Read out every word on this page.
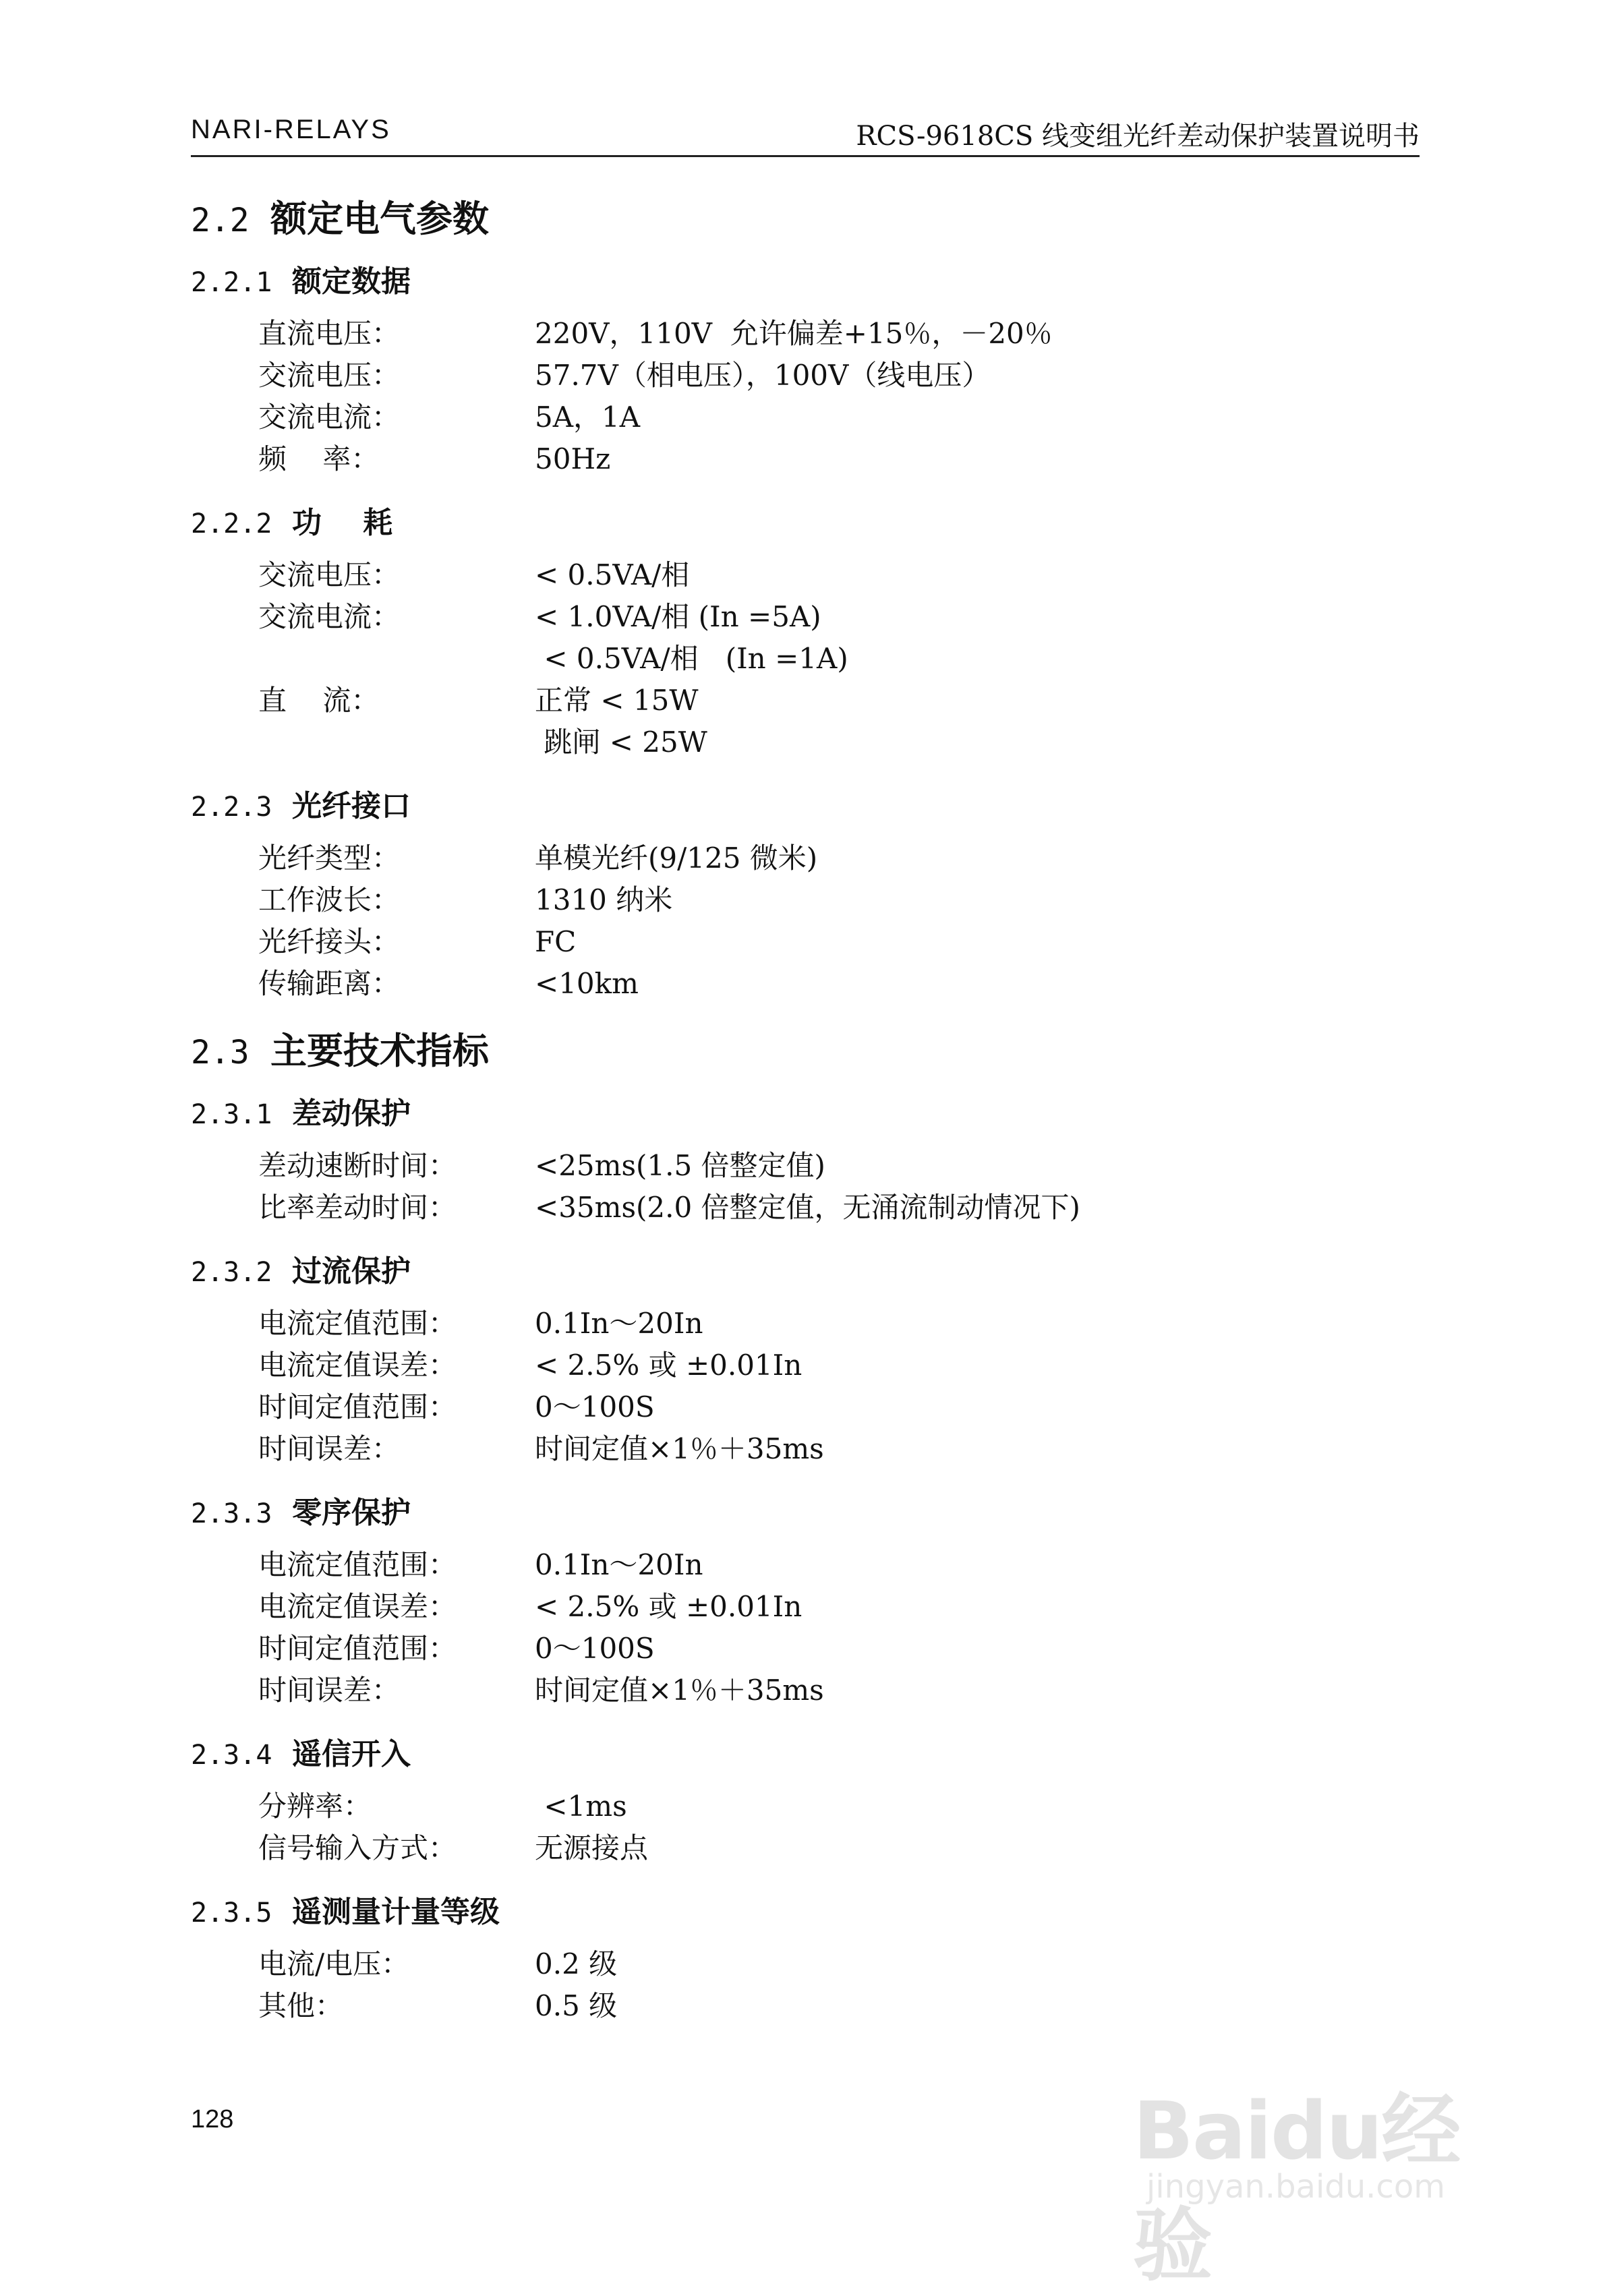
NARI-RELAYS	RCS-9618CS 线变组光纤差动保护装置说明书
2.2 额定电气参数
2.2.1 额定数据
直流电压：	220V，110V  允许偏差+15％，－20％
交流电压：	57.7V（相电压），100V（线电压）
交流电流：	5A，1A
频    率：	50Hz
2.2.2 功    耗
交流电压：	< 0.5VA/相
交流电流：	< 1.0VA/相 (In =5A)
< 0.5VA/相   (In =1A)
直    流：	正常 < 15W
跳闸 < 25W
2.2.3 光纤接口
光纤类型：	单模光纤(9/125 微米)
工作波长：	1310 纳米
光纤接头：	FC
传输距离：	<10km
2.3 主要技术指标
2.3.1 差动保护
差动速断时间：	<25ms(1.5 倍整定值)
比率差动时间：	<35ms(2.0 倍整定值，无涌流制动情况下)
2.3.2 过流保护
电流定值范围：	0.1In～20In
电流定值误差：	< 2.5% 或 ±0.01In
时间定值范围：	0～100S
时间误差：	时间定值×1％＋35ms
2.3.3 零序保护
电流定值范围：	0.1In～20In
电流定值误差：	< 2.5% 或 ±0.01In
时间定值范围：	0～100S
时间误差：	时间定值×1％＋35ms
2.3.4 遥信开入
分辨率：	<1ms
信号输入方式：	无源接点
2.3.5 遥测量计量等级
电流/电压：	0.2 级
其他：	0.5 级
128	Baidu经验
jingyan.baidu.com
